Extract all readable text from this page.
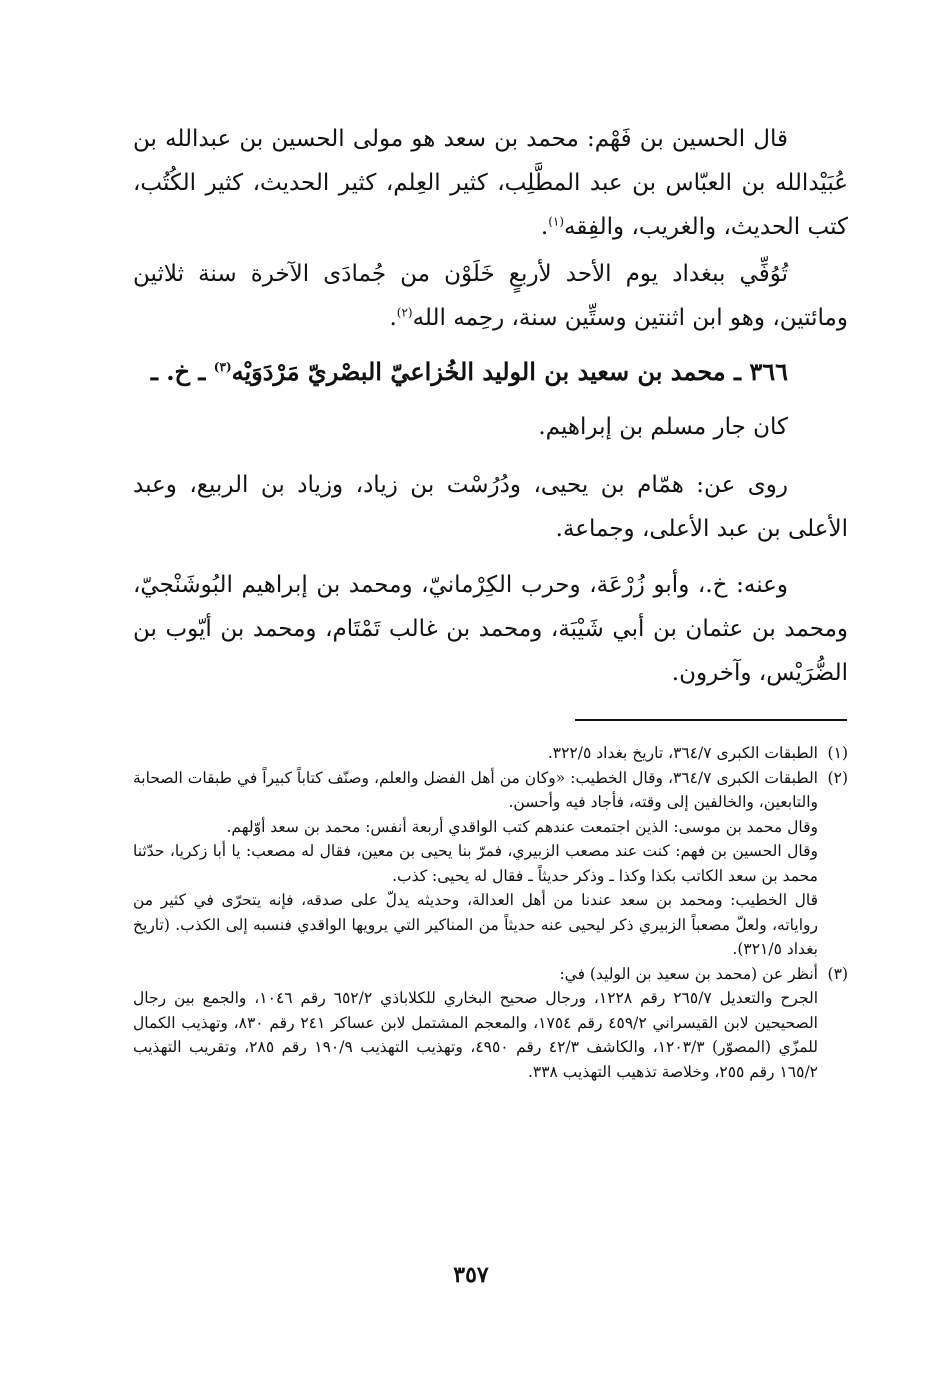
قال الحسين بن فَهْم: محمد بن سعد هو مولى الحسين بن عبدالله بن عُبَيْدالله بن العبّاس بن عبد المطَّلِب، كثير العِلم، كثير الحديث، كثير الكُتُب، كتب الحديث، والغريب، والفِقه$^{(١)}$.

تُوُفِّي ببغداد يوم الأحد لأربعٍ خَلَوْن من جُمادَى الآخرة سنة ثلاثين ومائتين، وهو ابن اثنتين وستِّين سنة، رحِمه الله$^{(٢)}$.

٣٦٦ ـ محمد بن سعيد بن الوليد الخُزاعيّ البصْريّ مَرْدَوَيْه$^{(٣)}$ ـ خ. ـ

كان جار مسلم بن إبراهيم.

روى عن: همّام بن يحيى، ودُرُسْت بن زياد، وزياد بن الربيع، وعبد الأعلى بن عبد الأعلى، وجماعة.

وعنه: خ.، وأبو زُرْعَة، وحرب الكِرْمانيّ، ومحمد بن إبراهيم البُوشَنْجيّ، ومحمد بن عثمان بن أبي شَيْبَة، ومحمد بن غالب تَمْتَام، ومحمد بن أيّوب بن الضُّرَيْس، وآخرون.

(١)

الطبقات الكبرى ٣٦٤/٧، تاريخ بغداد ٣٢٢/٥.

(٢)

الطبقات الكبرى ٣٦٤/٧، وقال الخطيب: «وكان من أهل الفضل والعلم، وصنّف كتاباً كبيراً في طبقات الصحابة والتابعين، والخالفين إلى وقته، فأجاد فيه وأحسن.

وقال محمد بن موسى: الذين اجتمعت عندهم كتب الواقدي أربعة أنفس: محمد بن سعد أوّلهم.

وقال الحسين بن فهم: كنت عند مصعب الزبيري، فمرّ بنا يحيى بن معين، فقال له مصعب: يا أبا زكريا، حدّثنا محمد بن سعد الكاتب بكذا وكذا ـ وذكر حديثاً ـ فقال له يحيى: كذب.

قال الخطيب: ومحمد بن سعد عندنا من أهل العدالة، وحديثه يدلّ على صدقه، فإنه يتحرّى في كثير من رواياته، ولعلّ مصعباً الزبيري ذكر ليحيى عنه حديثاً من المناكير التي يرويها الواقدي فنسبه إلى الكذب. (تاريخ بغداد ٣٢١/٥).

(٣)

أنظر عن (محمد بن سعيد بن الوليد) في:

الجرح والتعديل ٢٦٥/٧ رقم ١٢٢٨، ورجال صحيح البخاري للكلاباذي ٦٥٢/٢ رقم ١٠٤٦، والجمع بين رجال الصحيحين لابن القيسراني ٤٥٩/٢ رقم ١٧٥٤، والمعجم المشتمل لابن عساكر ٢٤١ رقم ٨٣٠، وتهذيب الكمال للمزّي (المصوّر) ١٢٠٣/٣، والكاشف ٤٢/٣ رقم ٤٩٥٠، وتهذيب التهذيب ١٩٠/٩ رقم ٢٨٥، وتقريب التهذيب ١٦٥/٢ رقم ٢٥٥، وخلاصة تذهيب التهذيب ٣٣٨.

٣٥٧
